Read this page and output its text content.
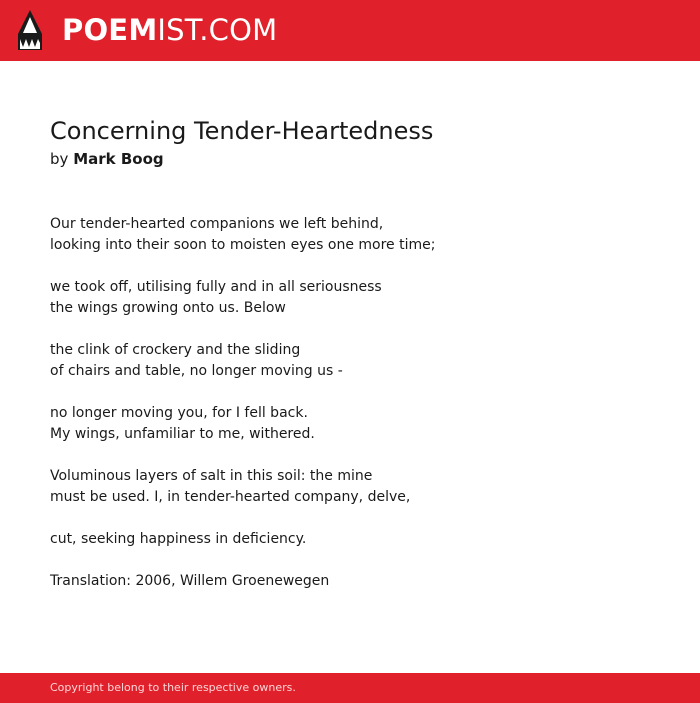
POEMIST.COM
Concerning Tender-Heartedness
by Mark Boog
Our tender-hearted companions we left behind,
looking into their soon to moisten eyes one more time;
we took off, utilising fully and in all seriousness
the wings growing onto us. Below
the clink of crockery and the sliding
of chairs and table, no longer moving us -
no longer moving you, for I fell back.
My wings, unfamiliar to me, withered.
Voluminous layers of salt in this soil: the mine
must be used. I, in tender-hearted company, delve,
cut, seeking happiness in deficiency.
Translation: 2006, Willem Groenewegen
Copyright belong to their respective owners.
